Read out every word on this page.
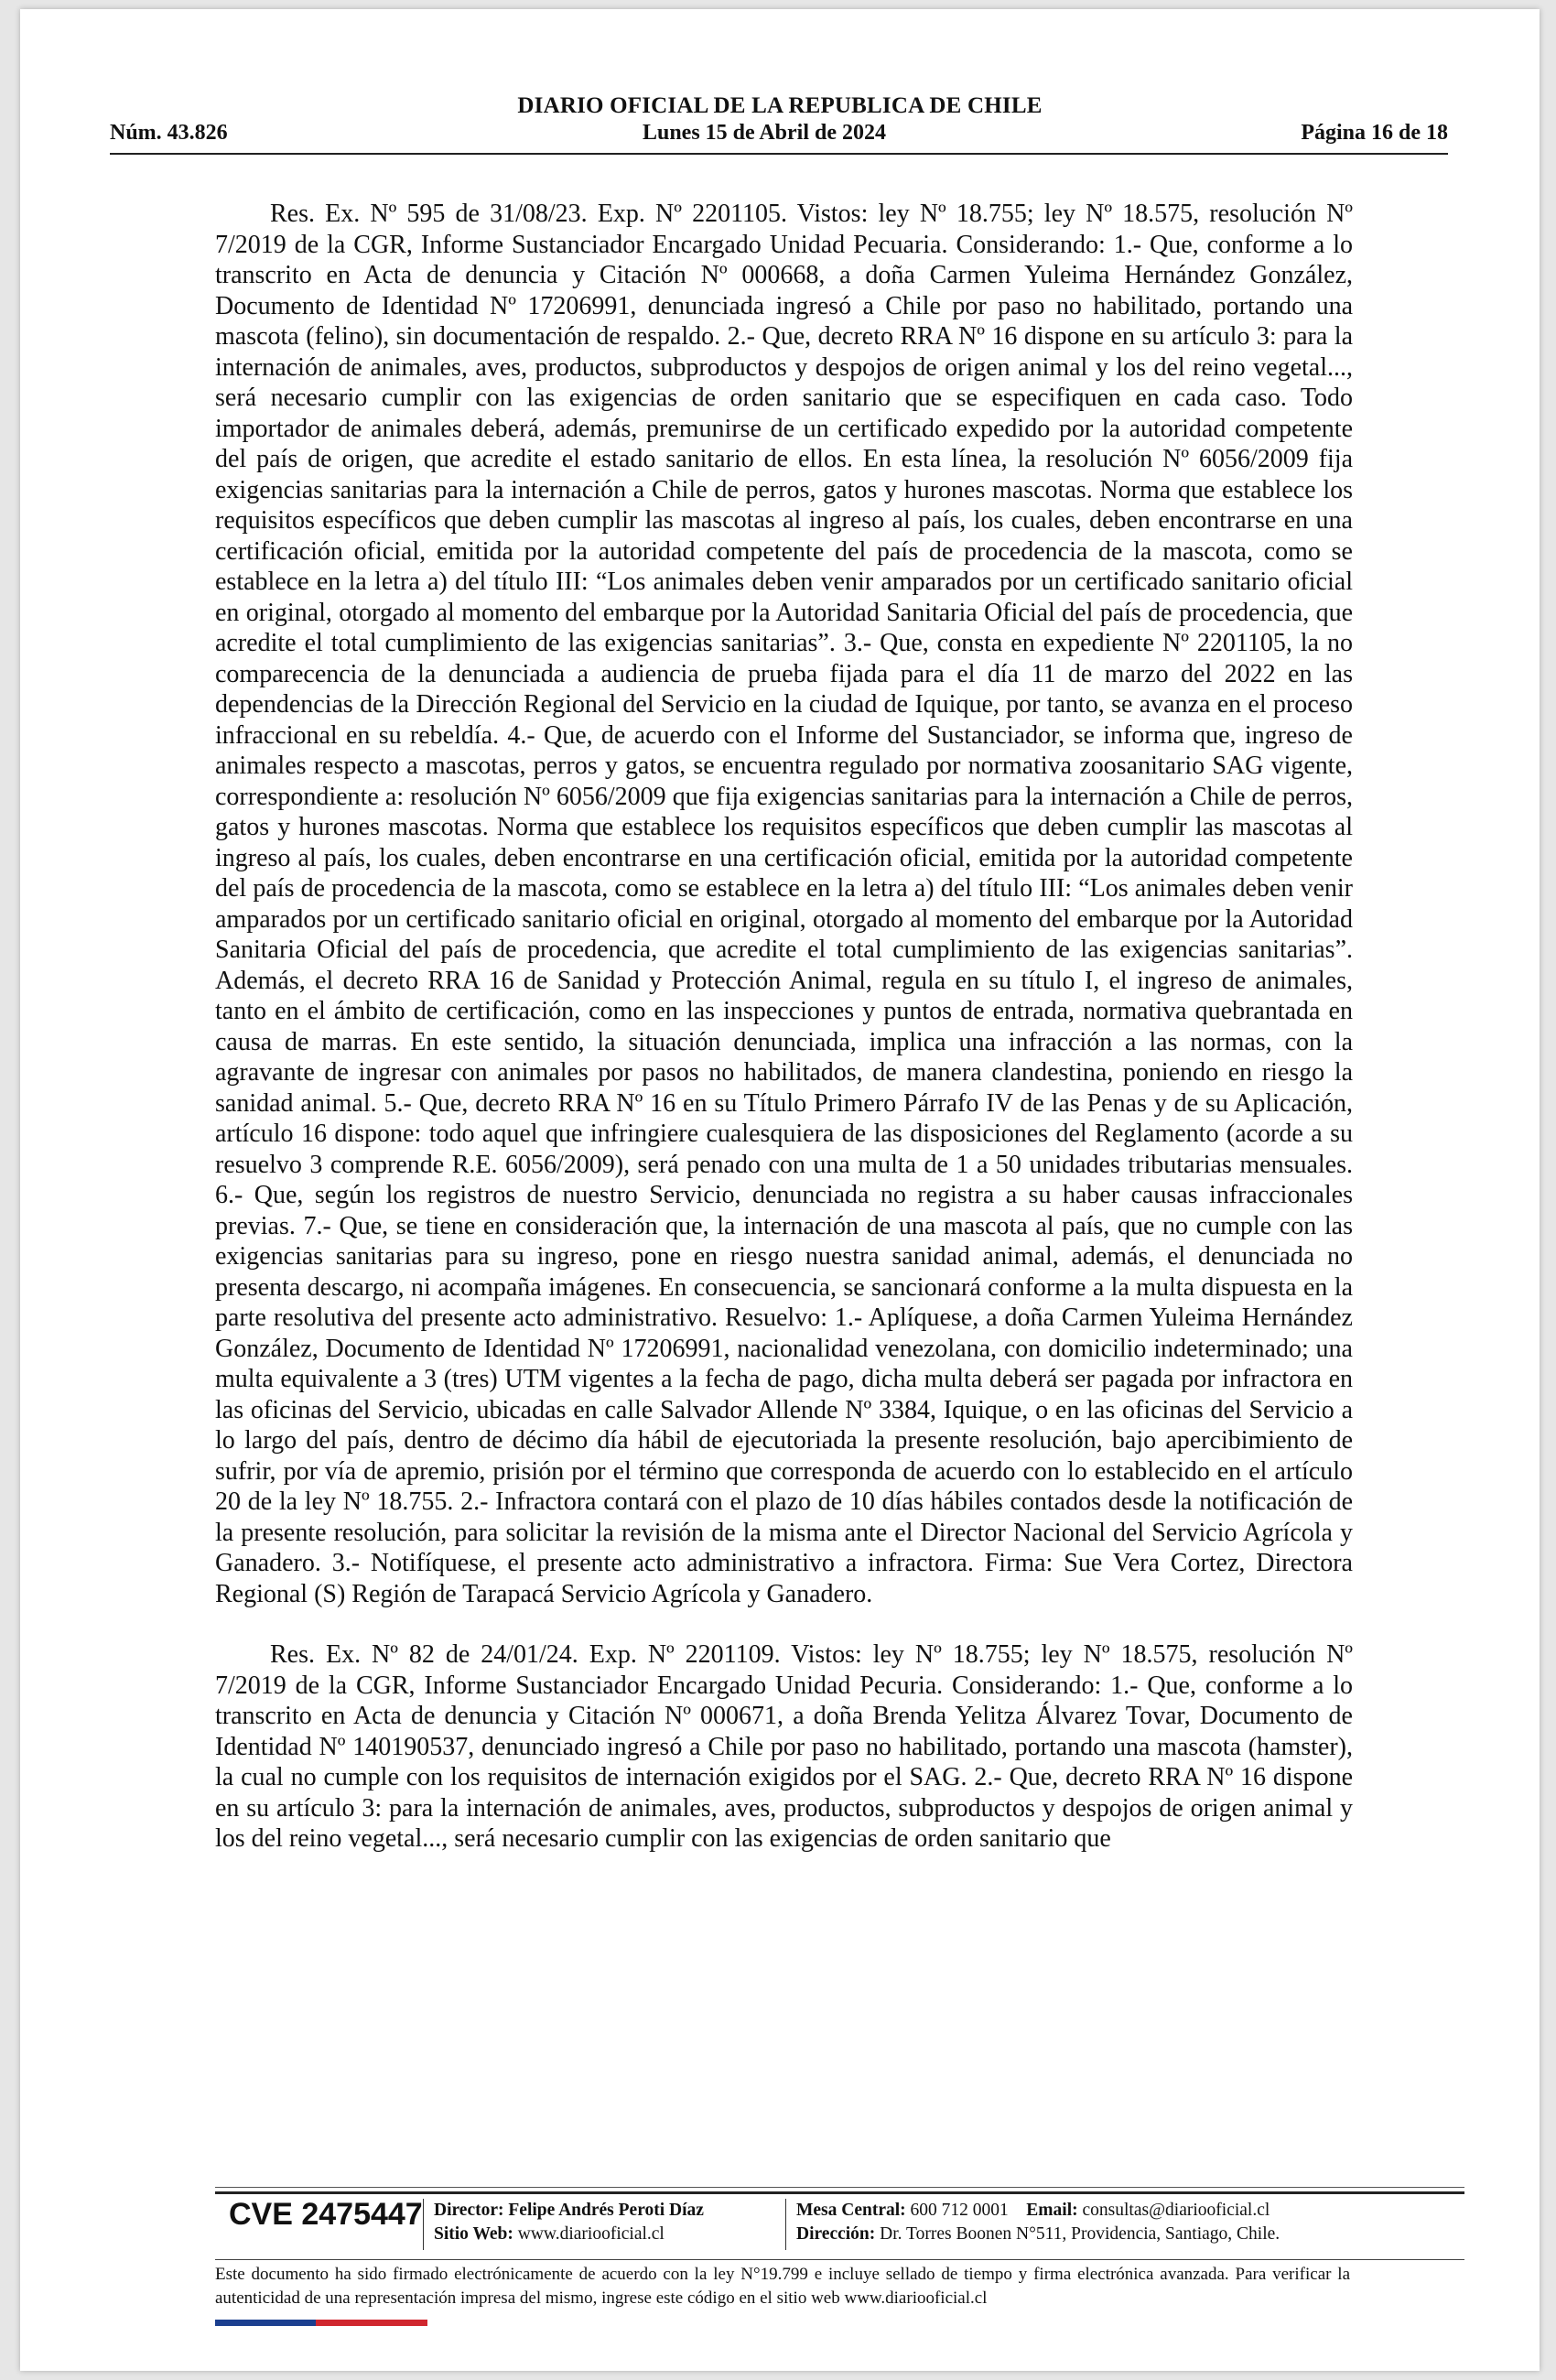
DIARIO OFICIAL DE LA REPUBLICA DE CHILE
Núm. 43.826	Lunes 15 de Abril de 2024	Página 16 de 18

Res. Ex. Nº 595 de 31/08/23. Exp. Nº 2201105. Vistos: ley Nº 18.755; ley Nº 18.575, resolución Nº 7/2019 de la CGR, Informe Sustanciador Encargado Unidad Pecuaria. Considerando: 1.- Que, conforme a lo transcrito en Acta de denuncia y Citación Nº 000668, a doña Carmen Yuleima Hernández González, Documento de Identidad Nº 17206991, denunciada ingresó a Chile por paso no habilitado, portando una mascota (felino), sin documentación de respaldo. 2.- Que, decreto RRA Nº 16 dispone en su artículo 3: para la internación de animales, aves, productos, subproductos y despojos de origen animal y los del reino vegetal..., será necesario cumplir con las exigencias de orden sanitario que se especifiquen en cada caso. Todo importador de animales deberá, además, premunirse de un certificado expedido por la autoridad competente del país de origen, que acredite el estado sanitario de ellos. En esta línea, la resolución Nº 6056/2009 fija exigencias sanitarias para la internación a Chile de perros, gatos y hurones mascotas. Norma que establece los requisitos específicos que deben cumplir las mascotas al ingreso al país, los cuales, deben encontrarse en una certificación oficial, emitida por la autoridad competente del país de procedencia de la mascota, como se establece en la letra a) del título III: “Los animales deben venir amparados por un certificado sanitario oficial en original, otorgado al momento del embarque por la Autoridad Sanitaria Oficial del país de procedencia, que acredite el total cumplimiento de las exigencias sanitarias”. 3.- Que, consta en expediente Nº 2201105, la no comparecencia de la denunciada a audiencia de prueba fijada para el día 11 de marzo del 2022 en las dependencias de la Dirección Regional del Servicio en la ciudad de Iquique, por tanto, se avanza en el proceso infraccional en su rebeldía. 4.- Que, de acuerdo con el Informe del Sustanciador, se informa que, ingreso de animales respecto a mascotas, perros y gatos, se encuentra regulado por normativa zoosanitario SAG vigente, correspondiente a: resolución Nº 6056/2009 que fija exigencias sanitarias para la internación a Chile de perros, gatos y hurones mascotas. Norma que establece los requisitos específicos que deben cumplir las mascotas al ingreso al país, los cuales, deben encontrarse en una certificación oficial, emitida por la autoridad competente del país de procedencia de la mascota, como se establece en la letra a) del título III: “Los animales deben venir amparados por un certificado sanitario oficial en original, otorgado al momento del embarque por la Autoridad Sanitaria Oficial del país de procedencia, que acredite el total cumplimiento de las exigencias sanitarias”. Además, el decreto RRA 16 de Sanidad y Protección Animal, regula en su título I, el ingreso de animales, tanto en el ámbito de certificación, como en las inspecciones y puntos de entrada, normativa quebrantada en causa de marras. En este sentido, la situación denunciada, implica una infracción a las normas, con la agravante de ingresar con animales por pasos no habilitados, de manera clandestina, poniendo en riesgo la sanidad animal. 5.- Que, decreto RRA Nº 16 en su Título Primero Párrafo IV de las Penas y de su Aplicación, artículo 16 dispone: todo aquel que infringiere cualesquiera de las disposiciones del Reglamento (acorde a su resuelvo 3 comprende R.E. 6056/2009), será penado con una multa de 1 a 50 unidades tributarias mensuales. 6.- Que, según los registros de nuestro Servicio, denunciada no registra a su haber causas infraccionales previas. 7.- Que, se tiene en consideración que, la internación de una mascota al país, que no cumple con las exigencias sanitarias para su ingreso, pone en riesgo nuestra sanidad animal, además, el denunciada no presenta descargo, ni acompaña imágenes. En consecuencia, se sancionará conforme a la multa dispuesta en la parte resolutiva del presente acto administrativo. Resuelvo: 1.- Aplíquese, a doña Carmen Yuleima Hernández González, Documento de Identidad Nº 17206991, nacionalidad venezolana, con domicilio indeterminado; una multa equivalente a 3 (tres) UTM vigentes a la fecha de pago, dicha multa deberá ser pagada por infractora en las oficinas del Servicio, ubicadas en calle Salvador Allende Nº 3384, Iquique, o en las oficinas del Servicio a lo largo del país, dentro de décimo día hábil de ejecutoriada la presente resolución, bajo apercibimiento de sufrir, por vía de apremio, prisión por el término que corresponda de acuerdo con lo establecido en el artículo 20 de la ley Nº 18.755. 2.- Infractora contará con el plazo de 10 días hábiles contados desde la notificación de la presente resolución, para solicitar la revisión de la misma ante el Director Nacional del Servicio Agrícola y Ganadero. 3.- Notifíquese, el presente acto administrativo a infractora. Firma: Sue Vera Cortez, Directora Regional (S) Región de Tarapacá Servicio Agrícola y Ganadero.

Res. Ex. Nº 82 de 24/01/24. Exp. Nº 2201109. Vistos: ley Nº 18.755; ley Nº 18.575, resolución Nº 7/2019 de la CGR, Informe Sustanciador Encargado Unidad Pecuria. Considerando: 1.- Que, conforme a lo transcrito en Acta de denuncia y Citación Nº 000671, a doña Brenda Yelitza Álvarez Tovar, Documento de Identidad Nº 140190537, denunciado ingresó a Chile por paso no habilitado, portando una mascota (hamster), la cual no cumple con los requisitos de internación exigidos por el SAG. 2.- Que, decreto RRA Nº 16 dispone en su artículo 3: para la internación de animales, aves, productos, subproductos y despojos de origen animal y los del reino vegetal..., será necesario cumplir con las exigencias de orden sanitario que

CVE 2475447 Director: Felipe Andrés Peroti Díaz
Sitio Web: www.diariooficial.cl
Mesa Central: 600 712 0001 Email: consultas@diariooficial.cl
Dirección: Dr. Torres Boonen N°511, Providencia, Santiago, Chile.
Este documento ha sido firmado electrónicamente de acuerdo con la ley N°19.799 e incluye sellado de tiempo y firma electrónica avanzada. Para verificar la autenticidad de una representación impresa del mismo, ingrese este código en el sitio web www.diariooficial.cl
